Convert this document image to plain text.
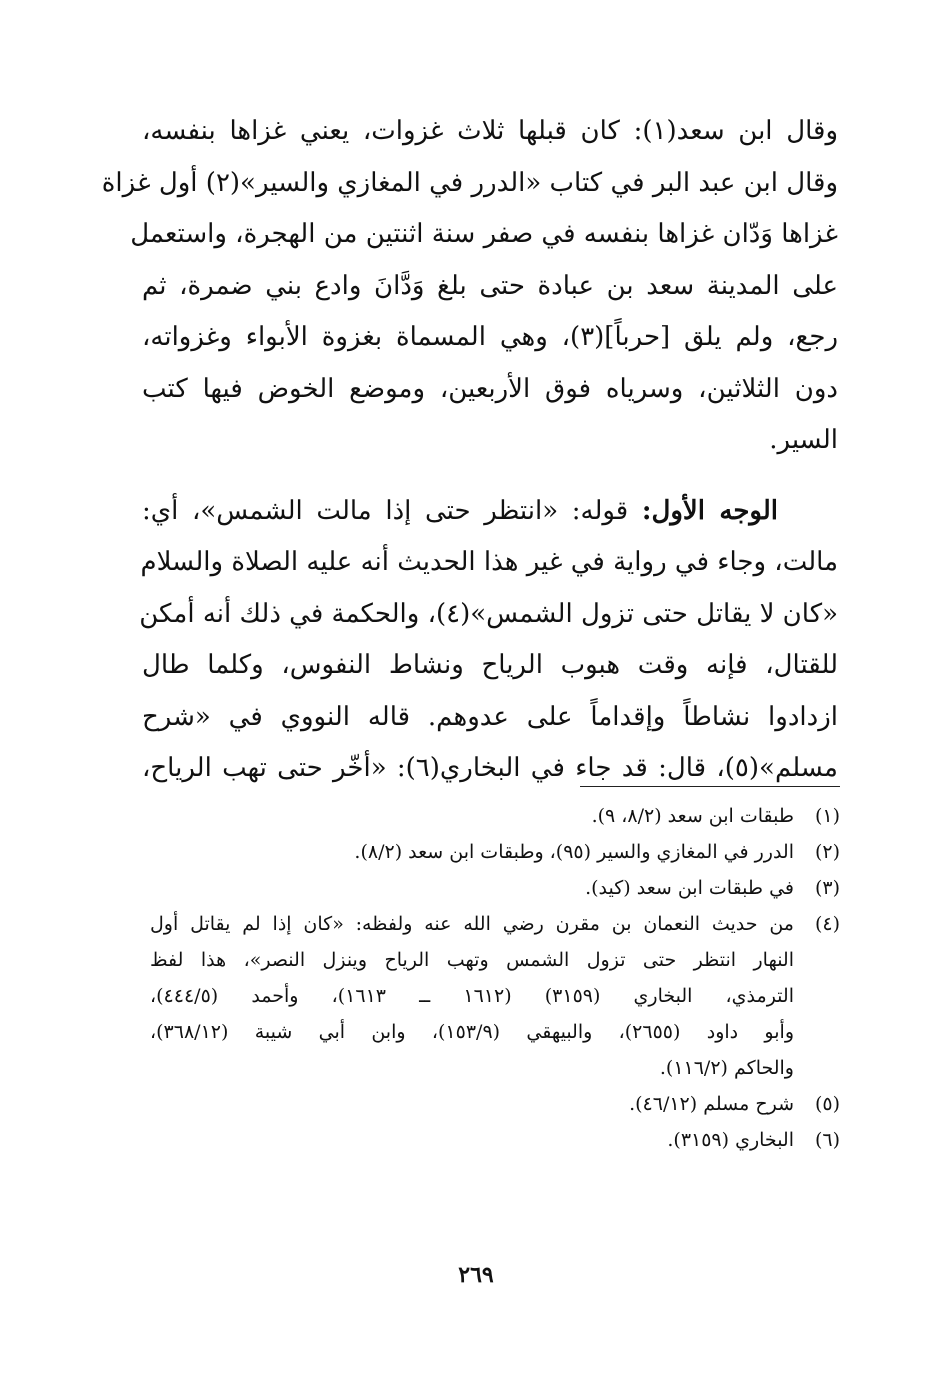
وقال ابن سعد(١): كان قبلها ثلاث غزوات، يعني غزاها بنفسه،
وقال ابن عبد البر في كتاب «الدرر في المغازي والسير»(٢) أول غزاة
غزاها وَدّان غزاها بنفسه في صفر سنة اثنتين من الهجرة، واستعمل
على المدينة سعد بن عبادة حتى بلغ وَدَّانَ وادع بني ضمرة، ثم
رجع، ولم يلق [حرباً](٣)، وهي المسماة بغزوة الأبواء وغزواته،
دون الثلاثين، وسرياه فوق الأربعين، وموضع الخوض فيها كتب
السير.
الوجه الأول: قوله: «انتظر حتى إذا مالت الشمس»، أي:
مالت، وجاء في رواية في غير هذا الحديث أنه عليه الصلاة والسلام
«كان لا يقاتل حتى تزول الشمس»(٤)، والحكمة في ذلك أنه أمكن
للقتال، فإنه وقت هبوب الرياح ونشاط النفوس، وكلما طال
ازدادوا نشاطاً وإقداماً على عدوهم. قاله النووي في «شرح
مسلم»(٥)، قال: قد جاء في البخاري(٦): «أخّر حتى تهب الرياح،
(١)
طبقات ابن سعد (٨/٢، ٩).
(٢)
الدرر في المغازي والسير (٩٥)، وطبقات ابن سعد (٨/٢).
(٣)
في طبقات ابن سعد (كيد).
(٤)
من حديث النعمان بن مقرن رضي الله عنه ولفظه: «كان إذا لم يقاتل أول
النهار انتظر حتى تزول الشمس وتهب الرياح وينزل النصر»، هذا لفظ
الترمذي، البخاري (٣١٥٩) (١٦١٢ ــ ١٦١٣)، وأحمد (٤٤٤/٥)،
وأبو داود (٢٦٥٥)، والبيهقي (١٥٣/٩)، وابن أبي شيبة (٣٦٨/١٢)،
والحاكم (١١٦/٢).
(٥)
شرح مسلم (٤٦/١٢).
(٦)
البخاري (٣١٥٩).
٢٦٩
